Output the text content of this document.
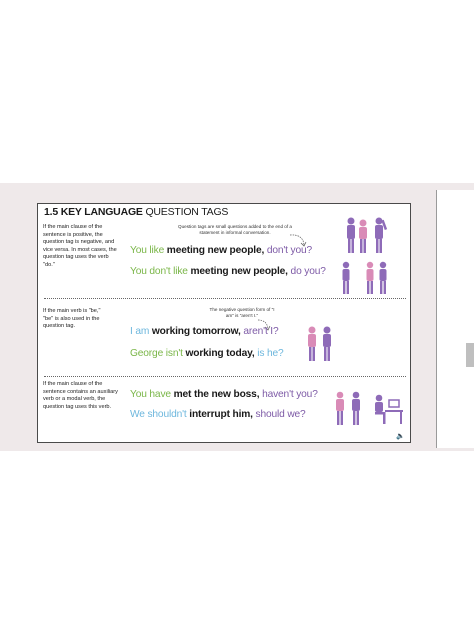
1.5 KEY LANGUAGE QUESTION TAGS
If the main clause of the sentence is positive, the question tag is negative, and vice versa. In most cases, the question tag uses the verb "do."
Question tags are small questions added to the end of a statement in informal conversation.
You like meeting new people, don't you?
You don't like meeting new people, do you?
If the main verb is "be," "be" is also used in the question tag.
The negative question form of "I am" is "aren't I."
I am working tomorrow, aren't I?
George isn't working today, is he?
If the main clause of the sentence contains an auxiliary verb or a modal verb, the question tag uses this verb.
You have met the new boss, haven't you?
We shouldn't interrupt him, should we?
🔈
